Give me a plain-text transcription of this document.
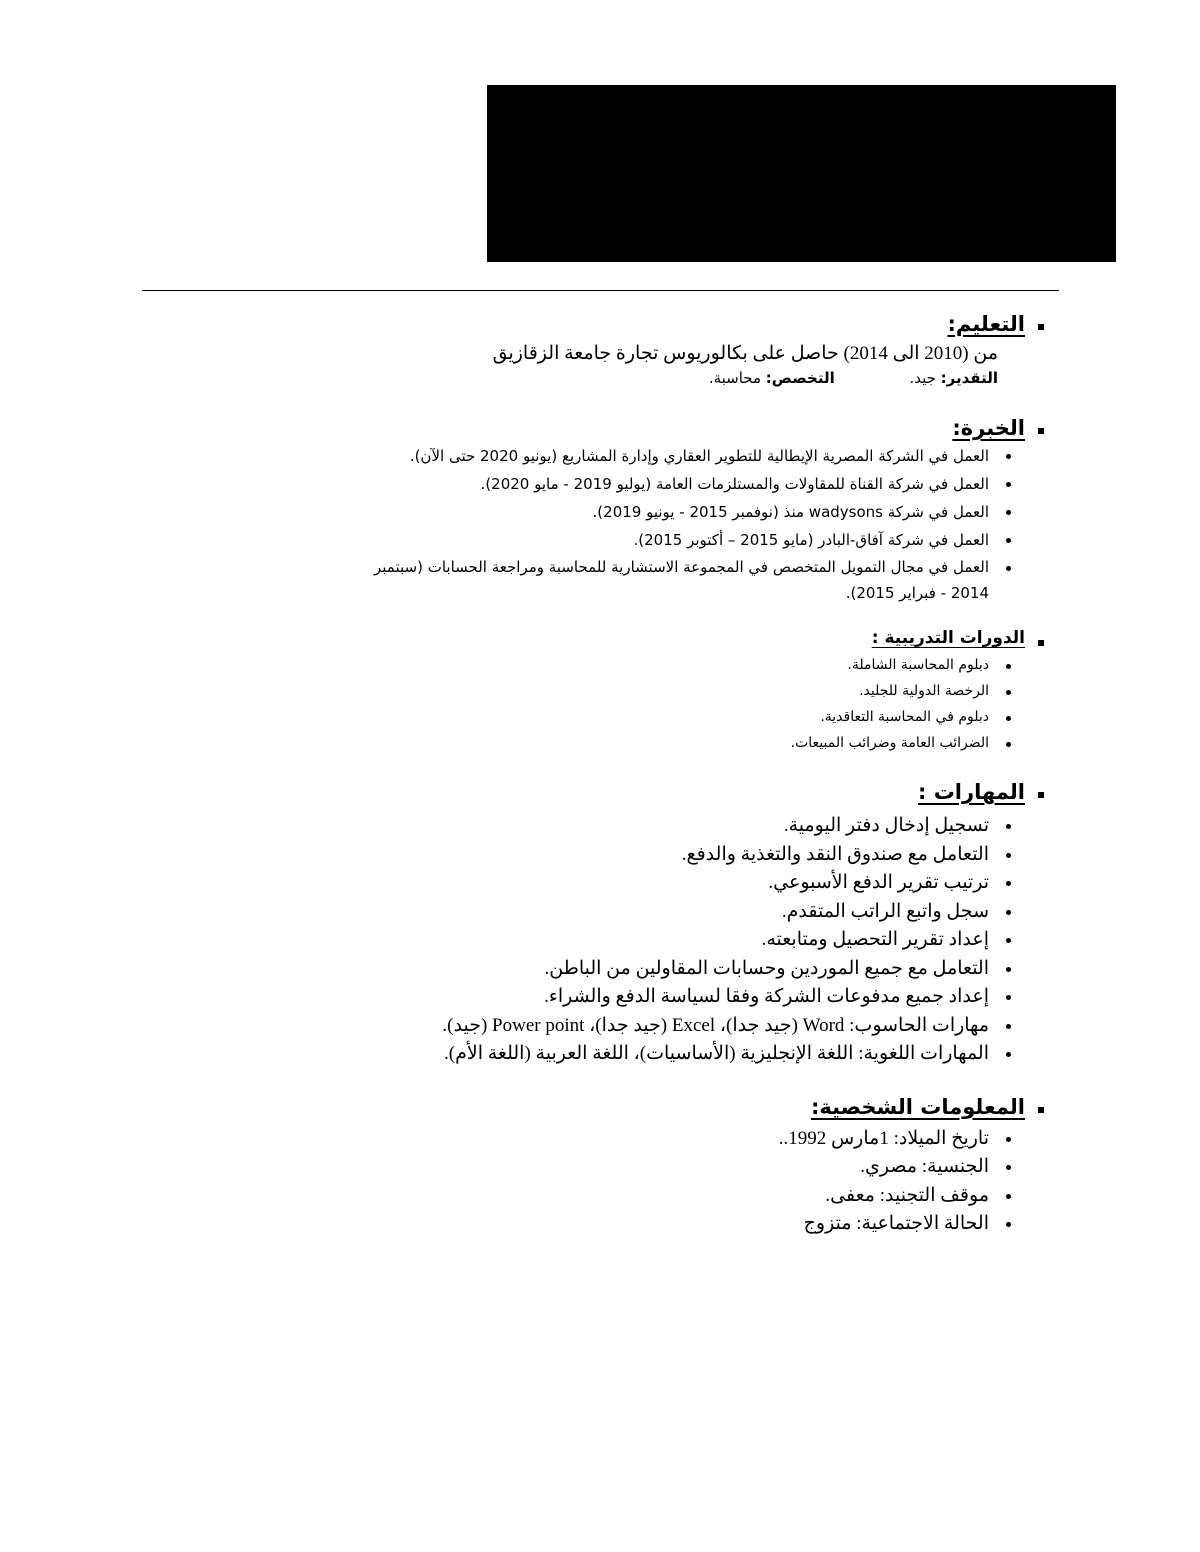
التعليم:
من (2010 الى 2014) حاصل على بكالوريوس تجارة جامعة الزقازيق
التقدير: جيد. التخصص: محاسبة.
الخبرة:
العمل في الشركة المصرية الإيطالية للتطوير العقاري وإدارة المشاريع (يونيو 2020 حتى الآن).
العمل في شركة القناة للمقاولات والمستلزمات العامة (يوليو 2019 - مايو 2020).
العمل في شركة wadysons منذ (نوفمبر 2015 - يونيو 2019).
العمل في شركة آفاق-البادر (مايو 2015 – أكتوبر 2015).
العمل في مجال التمويل المتخصص في المجموعة الاستشارية للمحاسبة ومراجعة الحسابات (سبتمبر 2014 - فبراير 2015).
الدورات التدريبية :
دبلوم المحاسبة الشاملة.
الرخصة الدولية للجليد.
دبلوم في المحاسبة التعاقدية.
الضرائب العامة وضرائب المبيعات.
المهارات :
تسجيل إدخال دفتر اليومية.
التعامل مع صندوق النقد والتغذية والدفع.
ترتيب تقرير الدفع الأسبوعي.
سجل واتبع الراتب المتقدم.
إعداد تقرير التحصيل ومتابعته.
التعامل مع جميع الموردين وحسابات المقاولين من الباطن.
إعداد جميع مدفوعات الشركة وفقا لسياسة الدفع والشراء.
مهارات الحاسوب: Word (جيد جدا)، Excel (جيد جدا)، Power point (جيد).
المهارات اللغوية: اللغة الإنجليزية (الأساسيات)، اللغة العربية (اللغة الأم).
المعلومات الشخصية:
تاريخ الميلاد: 1مارس 1992..
الجنسية: مصري.
موقف التجنيد: معفى.
الحالة الاجتماعية: متزوج
